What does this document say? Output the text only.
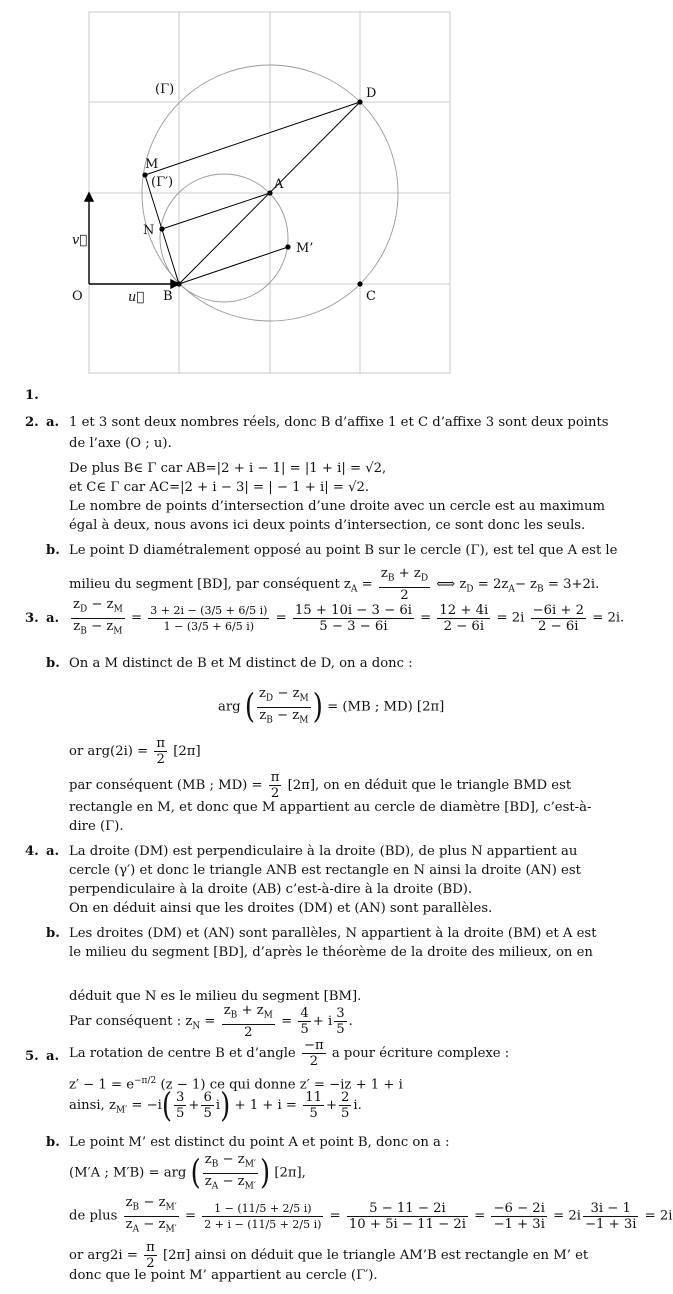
O	B	C
D
A
M
N
M’
u⃗
v⃗
(Γ)
(Γ′)
1.
2. a. 1 et 3 sont deux nombres réels, donc B d’affixe 1 et C d’affixe 3 sont deux points
de l’axe (O ; u).
De plus B∈ Γ car AB=|2 + i − 1| = |1 + i| = √2,
et C∈ Γ car AC=|2 + i − 3| = | − 1 + i| = √2.
Le nombre de points d’intersection d’une droite avec un cercle est au maximum
égal à deux, nous avons ici deux points d’intersection, ce sont donc les seuls.
b. Le point D diamétralement opposé au point B sur le cercle (Γ), est tel que A est le
milieu du segment [BD], par conséquent $z_A = \frac{z_B + z_D}{2}$ ⟺ $z_D = 2z_A- z_B = 3+2i$.
3. a. $\frac{z_D - z_M}{z_B - z_M} = \frac{3 + 2i - (3/5 + 6/5 i)}{1 - (3/5 + 6/5 i)} = \frac{15 + 10i - 3 - 6i}{5 - 3 - 6i} = \frac{12 + 4i}{2 - 6i} = 2i \frac{-6i + 2}{2 - 6i} = 2i$.
b. On a M distinct de B et M distinct de D, on a donc :
arg ( $\frac{z_D - z_M}{z_B - z_M}$ ) = (MB ; MD) [2π]
or $arg(2i) = \frac{\pi}{2} [2\pi]$
par conséquent (MB ; $MD) = \frac{\pi}{2} [2\pi]$, on en déduit que le triangle BMD est
rectangle en M, et donc que M appartient au cercle de diamètre [BD], c’est-à-
dire (Γ).
4. a. La droite (DM) est perpendiculaire à la droite (BD), de plus N appartient au
cercle (γ′) et donc le triangle ANB est rectangle en N ainsi la droite (AN) est
perpendiculaire à la droite (AB) c’est-à-dire à la droite (BD).
On en déduit ainsi que les droites (DM) et (AN) sont parallèles.
b. Les droites (DM) et (AN) sont parallèles, N appartient à la droite (BM) et A est
le milieu du segment [BD], d’après le théorème de la droite des milieux, on en
déduit que N es le milieu du segment [BM].
Par conséquent : $z_N = \frac{z_B + z_M}{2} = \frac{4}{5} + i \frac{3}{5}$ .
5. a. La rotation de centre B et d’angle $\frac{-\pi}{2}$ a pour écriture complexe :
$z' - 1 = e^{-\pi/2}$ (z − 1) ce qui donne z′ = −iz + 1 + i
ainsi, $z_{M'} = -i( \frac{3}{5} + \frac{6}{5} i) + 1 + i = \frac{11}{5} + \frac{2}{5} i$.
b. Le point M’ est distinct du point A et point B, donc on a :
(M′A ; M′B) = arg ( $\frac{z_B - z_{M'}}{z_A - z_{M'}}$ ) [2π],
de plus $\frac{z_B - z_{M'}}{z_A - z_{M'}} = \frac{1 - (11/5 + 2/5 i)}{2 + i - (11/5 + 2/5 i)} = \frac{5 - 11 - 2i}{10 + 5i - 11 - 2i} = \frac{-6 - 2i}{-1 + 3i} = 2i \frac{3i - 1}{-1 + 3i} = 2i$
or $arg2i = \frac{\pi}{2} [2\pi]$ ainsi on déduit que le triangle AM’B est rectangle en M’ et
donc que le point M’ appartient au cercle (Γ′).
